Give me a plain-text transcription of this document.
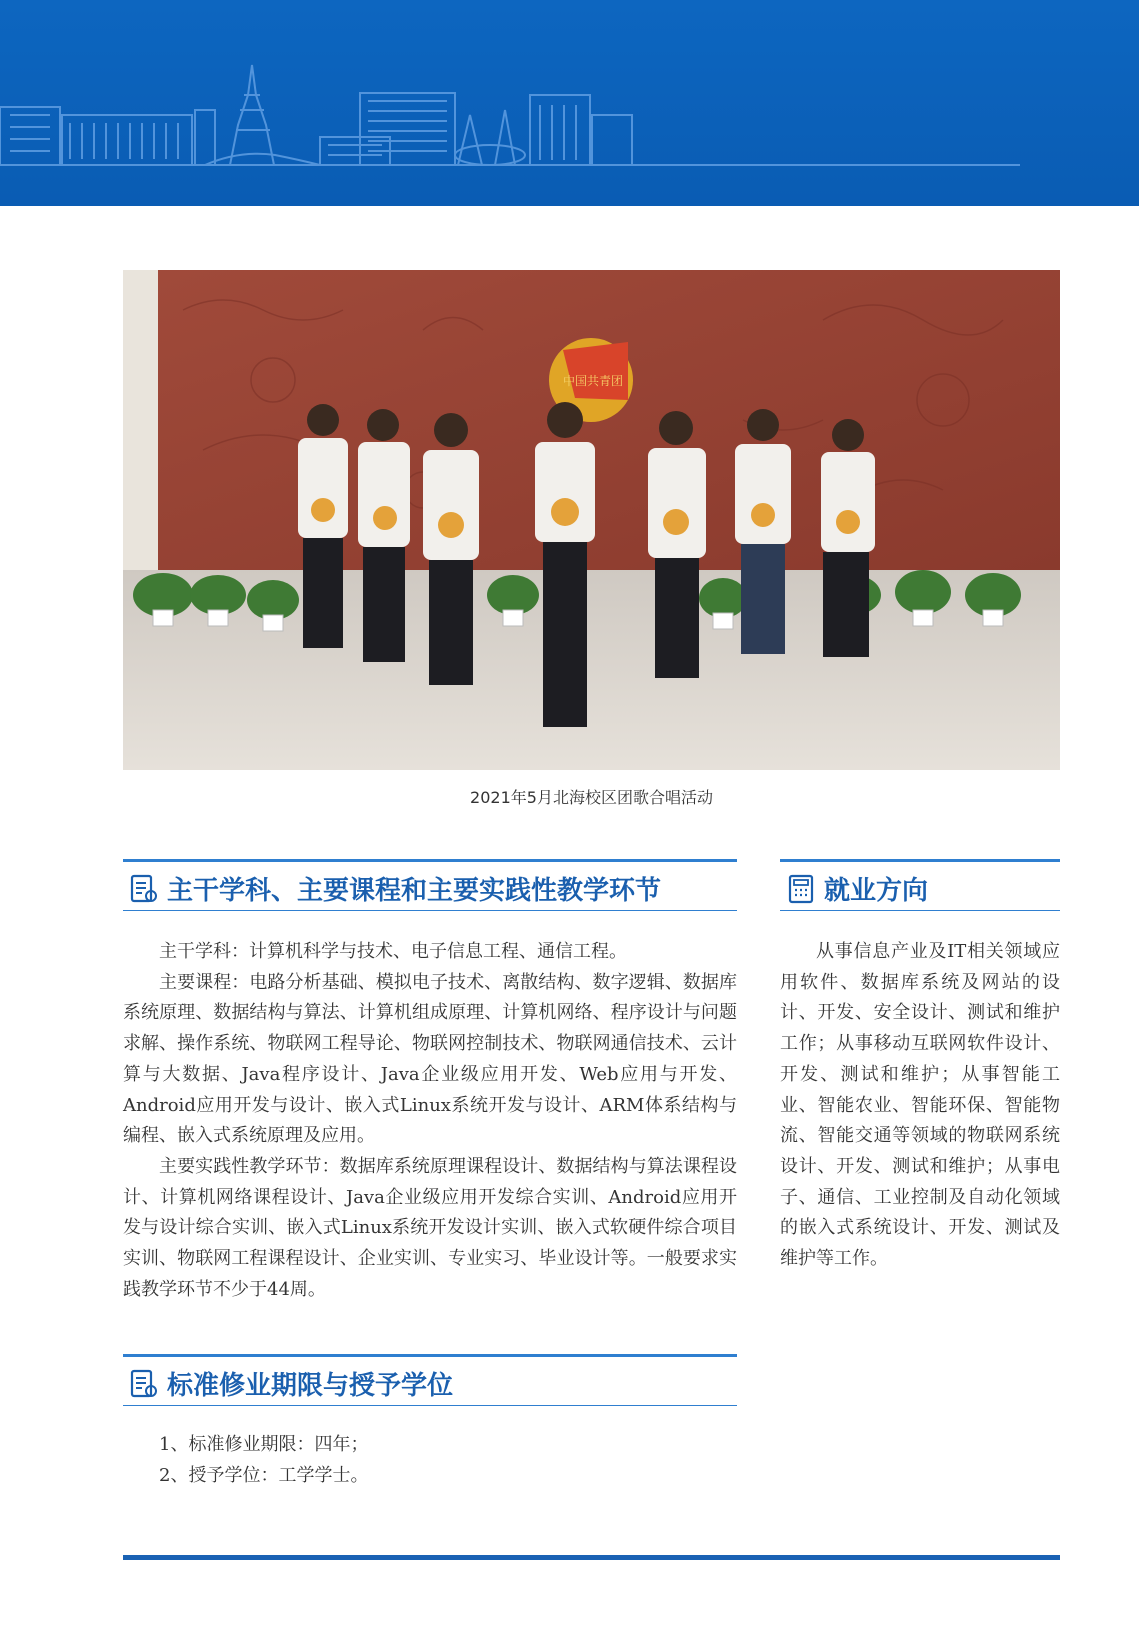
中国共青团
2021年5月北海校区团歌合唱活动
主干学科、主要课程和主要实践性教学环节

主干学科：计算机科学与技术、电子信息工程、通信工程。

主要课程：电路分析基础、模拟电子技术、离散结构、数字逻辑、数据库系统原理、数据结构与算法、计算机组成原理、计算机网络、程序设计与问题求解、操作系统、物联网工程导论、物联网控制技术、物联网通信技术、云计算与大数据、Java程序设计、Java企业级应用开发、Web应用与开发、Android应用开发与设计、嵌入式Linux系统开发与设计、ARM体系结构与编程、嵌入式系统原理及应用。

主要实践性教学环节：数据库系统原理课程设计、数据结构与算法课程设计、计算机网络课程设计、Java企业级应用开发综合实训、Android应用开发与设计综合实训、嵌入式Linux系统开发设计实训、嵌入式软硬件综合项目实训、物联网工程课程设计、企业实训、专业实习、毕业设计等。一般要求实践教学环节不少于44周。

就业方向

从事信息产业及IT相关领域应用软件、数据库系统及网站的设计、开发、安全设计、测试和维护工作；从事移动互联网软件设计、开发、测试和维护；从事智能工业、智能农业、智能环保、智能物流、智能交通等领域的物联网系统设计、开发、测试和维护；从事电子、通信、工业控制及自动化领域的嵌入式系统设计、开发、测试及维护等工作。

标准修业期限与授予学位

1、标准修业期限：四年；

2、授予学位：工学学士。
